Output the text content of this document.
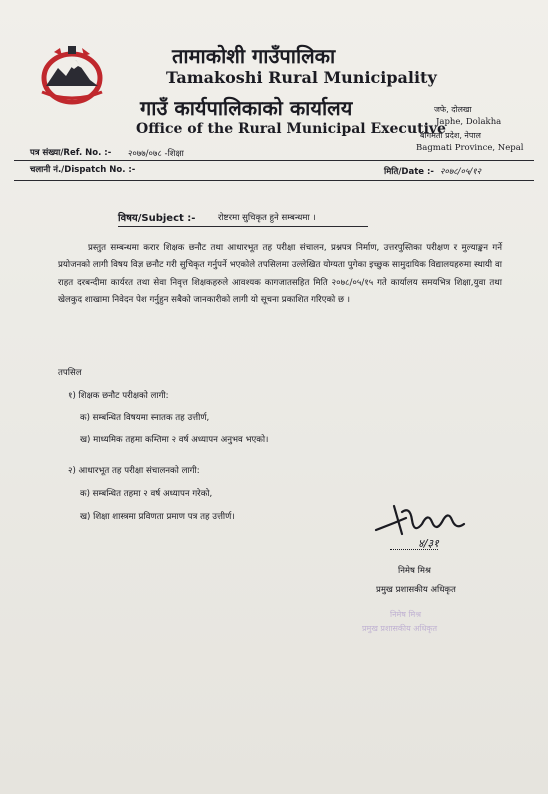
तामाकोशी गाउँपालिका
Tamakoshi Rural Municipality
गाउँ कार्यपालिकाको कार्यालय
Office of the Rural Municipal Executive
जफे, दोलखा
Japhe, Dolakha
बागमती प्रदेश, नेपाल
Bagmati Province, Nepal
पत्र संख्या/Ref. No. :- २०७७/०७८ -शिक्षा
चलानी नं./Dispatch No. :-	मिति/Date :- २०७८/०५/१२
विषय/Subject :-	रोष्टरमा सुचिकृत हुने सम्बन्धमा ।
प्रस्तुत सम्बन्धमा करार शिक्षक छनौट तथा आधारभूत तह परीक्षा संचालन, प्रश्नपत्र निर्माण, उत्तरपुस्तिका परीक्षण र मुल्याङ्कन गर्ने प्रयोजनको लागी विषय विज्ञ छनौट गरी सुचिकृत गर्नुपर्ने भएकोले तपसिलमा उल्लेखित योग्यता पुगेका इच्छुक सामुदायिक विद्यालयहरुमा स्थायी वा राहत दरबन्दीमा कार्यरत तथा सेवा निवृत्त शिक्षकहरुले आवश्यक कागजातसहित मिति २०७८/०५/१५ गते कार्यालय समयभित्र शिक्षा,युवा तथा खेलकुद शाखामा निवेदन पेश गर्नुहुन सबैको जानकारीको लागी यो सूचना प्रकाशित गरिएको छ ।
तपसिल
१) शिक्षक छनौट परीक्षको लागी:
क) सम्बन्धित विषयमा स्नातक तह उत्तीर्ण,
ख) माध्यमिक तहमा कम्तिमा २ वर्ष अध्यापन अनुभव भएको।
२) आधारभूत तह परीक्षा संचालनको लागी:
क) सम्बन्धित तहमा २ वर्ष अध्यापन गरेको,
ख) शिक्षा शास्त्रमा प्रविणता प्रमाण पत्र तह उत्तीर्ण।
४/३१
निमेष मिश्र
प्रमुख प्रशासकीय अधिकृत
निमेष मिश्र
प्रमुख प्रशासकीय अधिकृत
